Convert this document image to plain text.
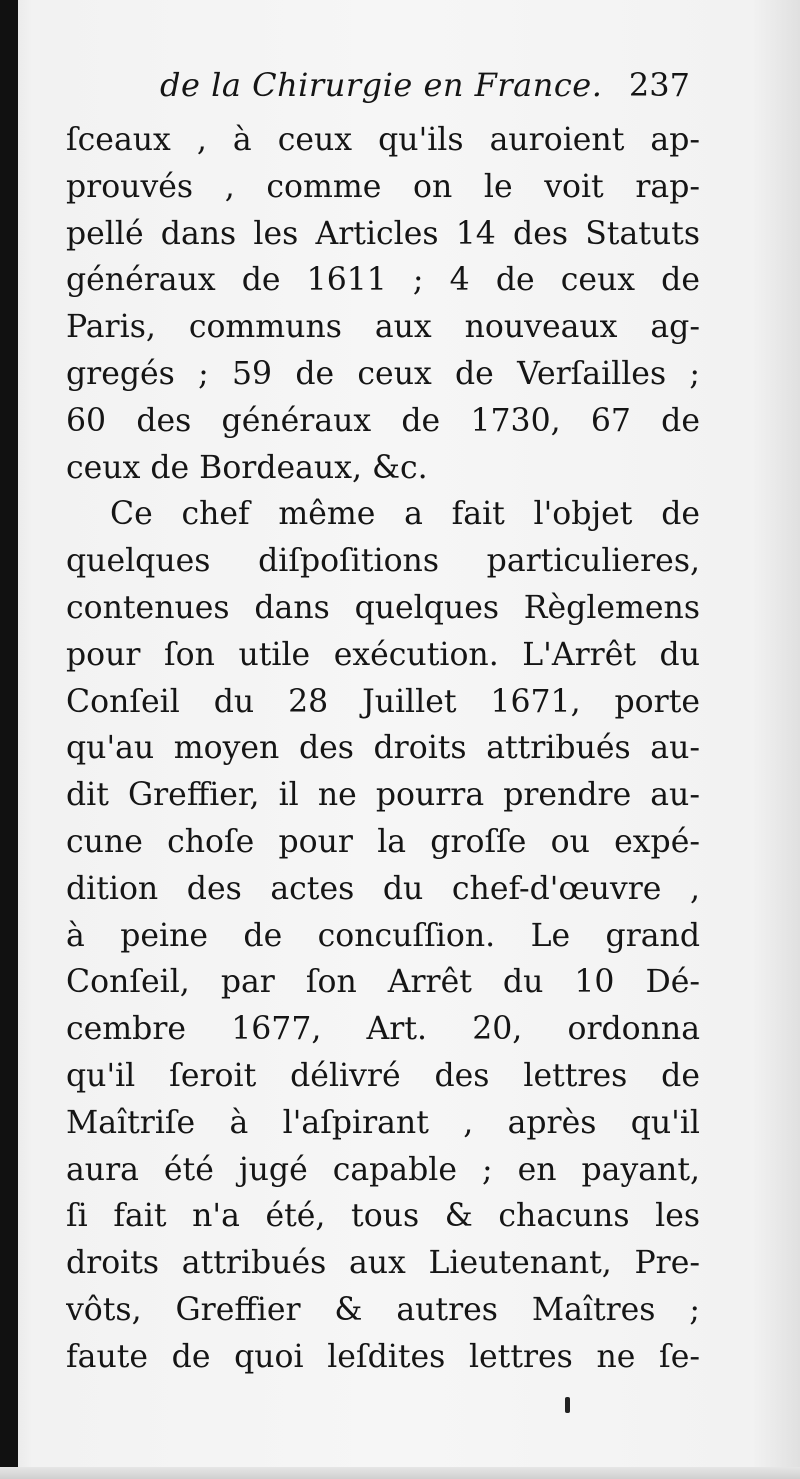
de la Chirurgie en France. 237
ſceaux , à ceux qu'ils auroient ap-
prouvés , comme on le voit rap-
pellé dans les Articles 14 des Statuts
généraux de 1611 ; 4 de ceux de
Paris, communs aux nouveaux ag-
gregés ; 59 de ceux de Verſailles ;
60 des généraux de 1730, 67 de
ceux de Bordeaux, &c.
Ce chef même a fait l'objet de
quelques diſpoſitions particulieres,
contenues dans quelques Règlemens
pour ſon utile exécution. L'Arrêt du
Conſeil du 28 Juillet 1671, porte
qu'au moyen des droits attribués au-
dit Greffier, il ne pourra prendre au-
cune choſe pour la groſſe ou expé-
dition des actes du chef-d'œuvre ,
à peine de concuſſion. Le grand
Conſeil, par ſon Arrêt du 10 Dé-
cembre 1677, Art. 20, ordonna
qu'il ſeroit délivré des lettres de
Maîtriſe à l'aſpirant , après qu'il
aura été jugé capable ; en payant,
ſi fait n'a été, tous & chacuns les
droits attribués aux Lieutenant, Pre-
vôts, Greffier & autres Maîtres ;
faute de quoi leſdites lettres ne ſe-
